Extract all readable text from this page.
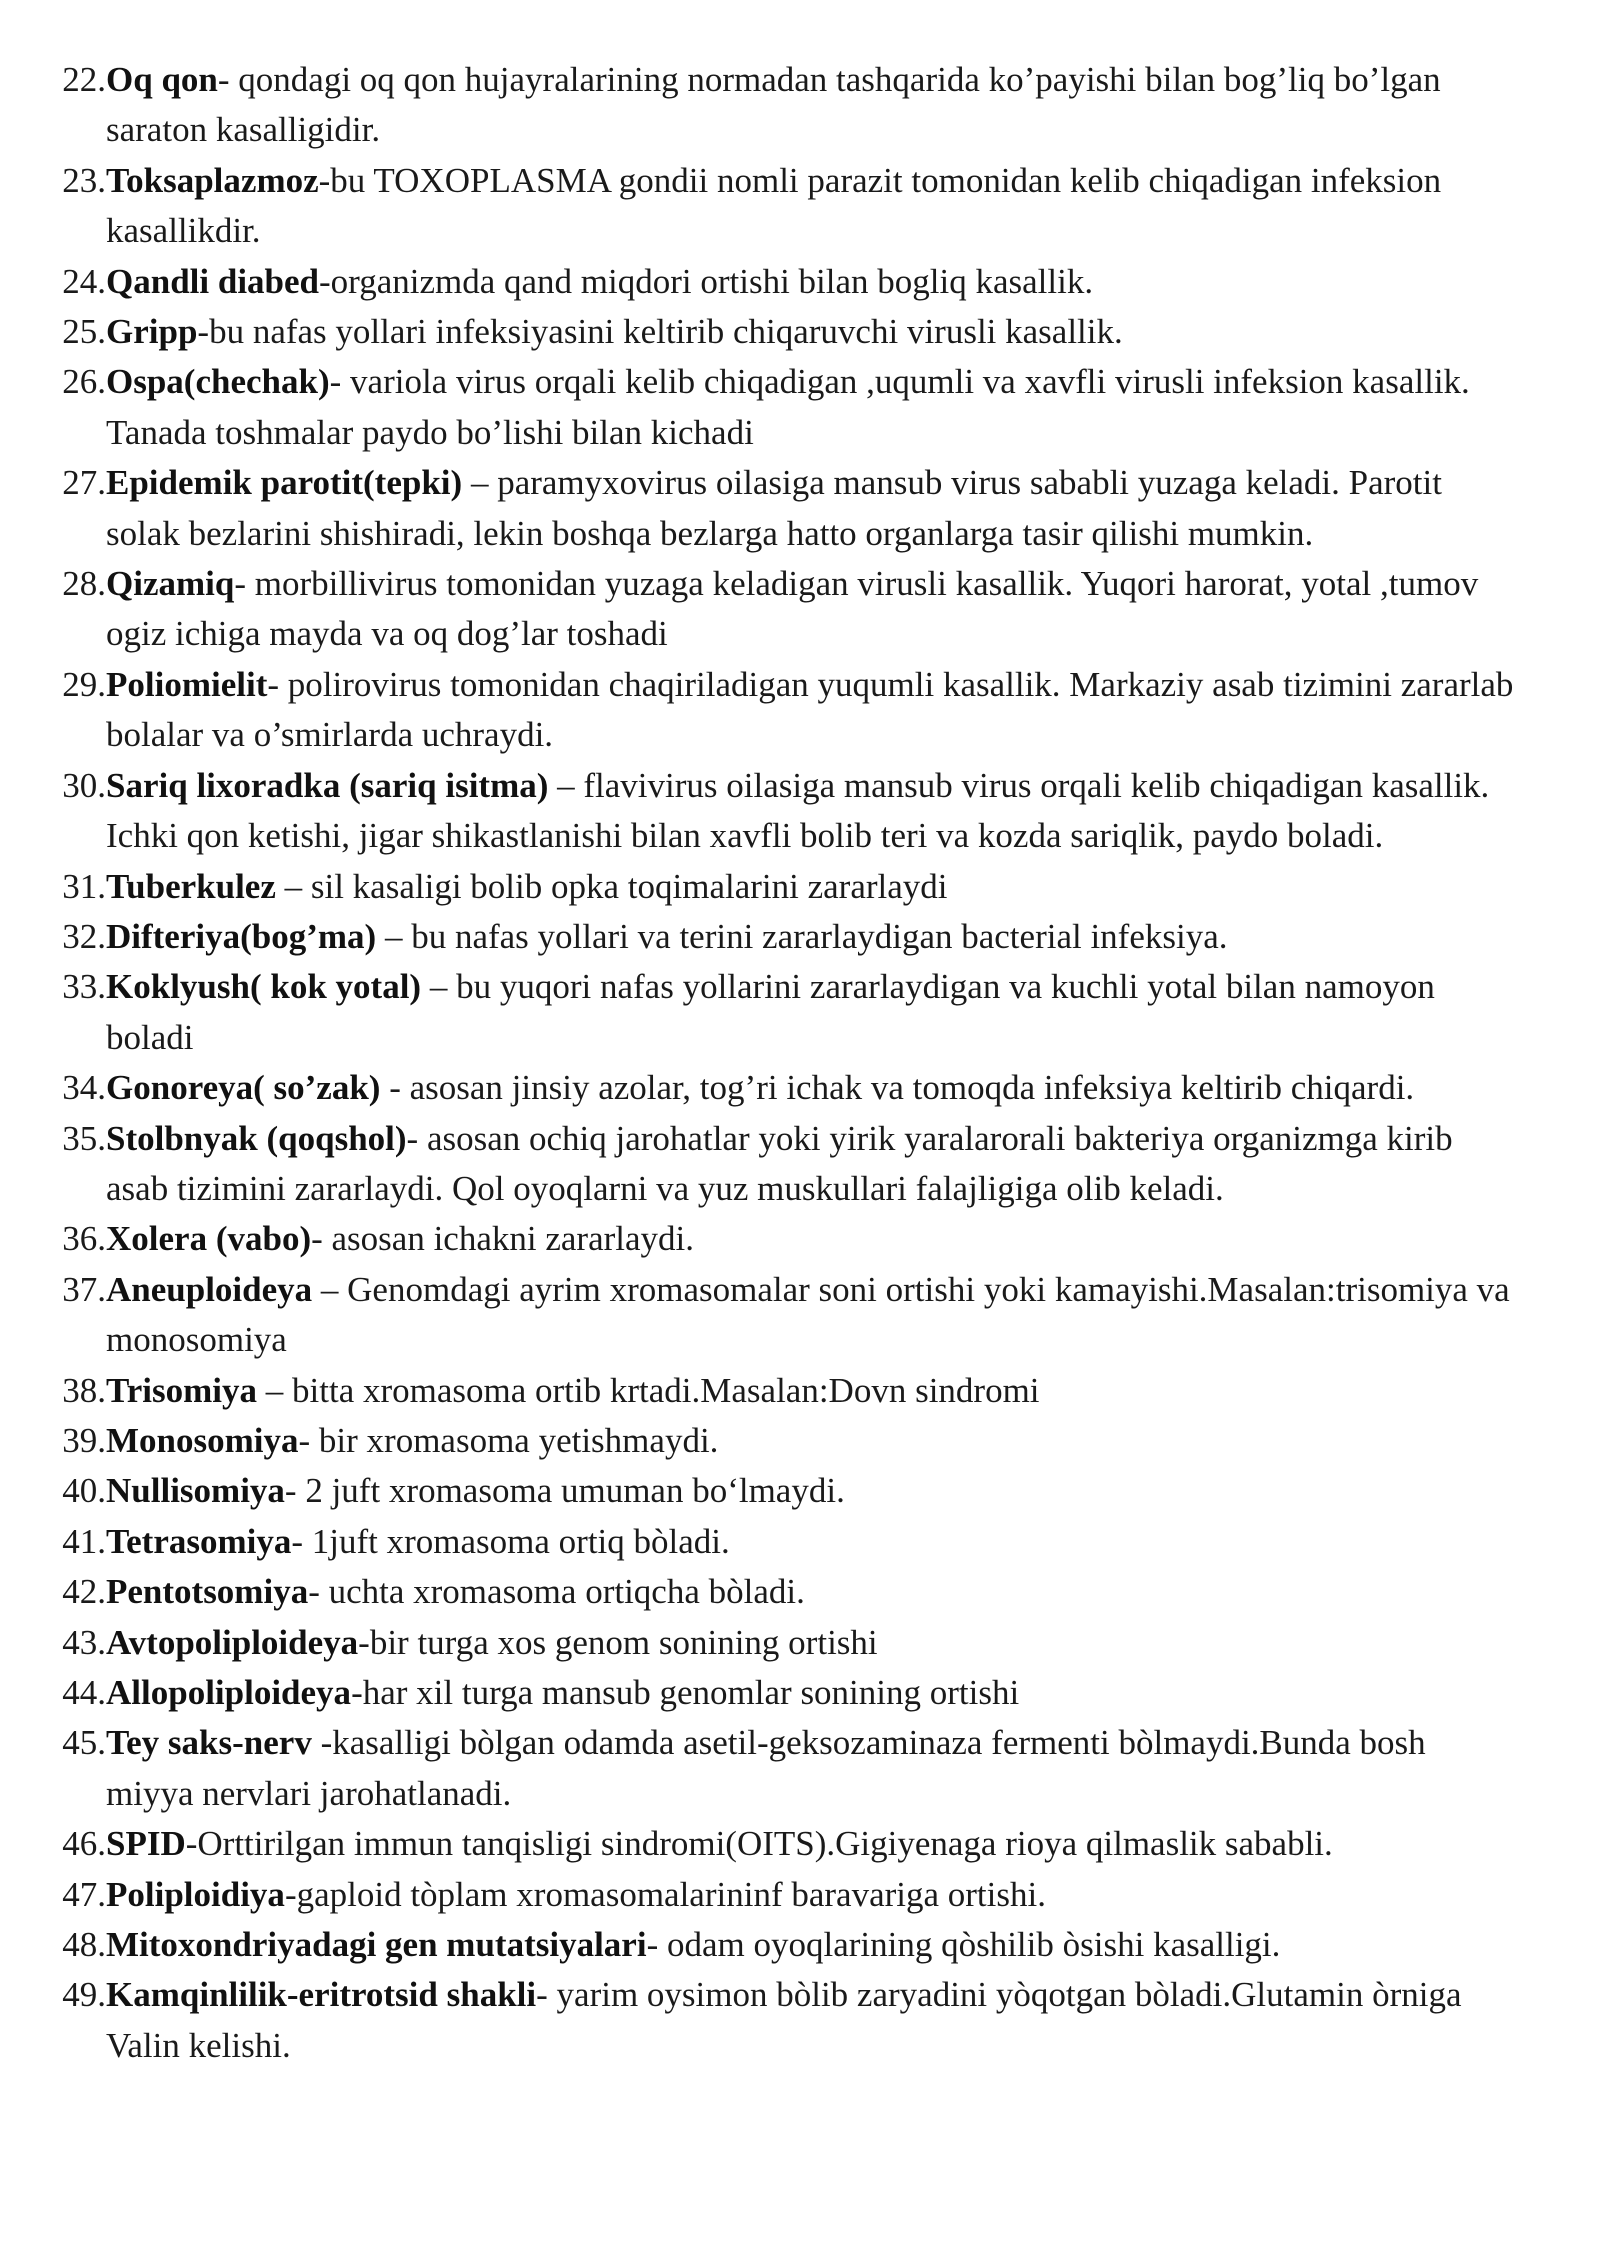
22. Oq qon- qondagi oq qon hujayralarining normadan tashqarida ko’payishi bilan bog’liq bo’lgan saraton kasalligidir.
23. Toksaplazmoz-bu TOXOPLASMA gondii nomli parazit tomonidan kelib chiqadigan infeksion kasallikdir.
24. Qandli diabed-organizmda qand miqdori ortishi bilan bogliq kasallik.
25. Gripp-bu nafas yollari infeksiyasini keltirib chiqaruvchi virusli kasallik.
26. Ospa(chechak)- variola virus orqali kelib chiqadigan ,uqumli va xavfli virusli infeksion kasallik. Tanada toshmalar paydo bo’lishi bilan kichadi
27. Epidemik parotit(tepki) – paramyxovirus oilasiga mansub virus sababli yuzaga keladi. Parotit solak bezlarini shishiradi, lekin boshqa bezlarga hatto organlarga tasir qilishi mumkin.
28. Qizamiq- morbillivirus tomonidan yuzaga keladigan virusli kasallik. Yuqori harorat, yotal ,tumov ogiz ichiga mayda va oq dog’lar toshadi
29. Poliomielit- polirovirus tomonidan chaqiriladigan yuqumli kasallik. Markaziy asab tizimini zararlab bolalar va o’smirlarda uchraydi.
30. Sariq lixoradka (sariq isitma) – flavivirus oilasiga mansub virus orqali kelib chiqadigan kasallik. Ichki qon ketishi, jigar shikastlanishi bilan xavfli bolib teri va kozda sariqlik, paydo boladi.
31. Tuberkulez – sil kasaligi bolib opka toqimalarini zararlaydi
32. Difteriya(bog’ma) – bu nafas yollari va terini zararlaydigan bacterial infeksiya.
33. Koklyush( kok yotal) – bu yuqori nafas yollarini zararlaydigan va kuchli yotal bilan namoyon boladi
34. Gonoreya( so’zak) - asosan jinsiy azolar, tog’ri ichak va tomoqda infeksiya keltirib chiqardi.
35. Stolbnyak (qoqshol)- asosan ochiq jarohatlar yoki yirik yaralarorali bakteriya organizmga kirib asab tizimini zararlaydi. Qol oyoqlarni va yuz muskullari falajligiga olib keladi.
36. Xolera (vabo)- asosan ichakni zararlaydi.
37. Aneuploideya – Genomdagi ayrim xromasomalar soni ortishi yoki kamayishi.Masalan:trisomiya va monosomiya
38. Trisomiya – bitta xromasoma ortib krtadi.Masalan:Dovn sindromi
39. Monosomiya- bir xromasoma yetishmaydi.
40. Nullisomiya- 2 juft xromasoma umuman bo‘lmaydi.
41. Tetrasomiya- 1juft xromasoma ortiq bòladi.
42. Pentotsomiya- uchta xromasoma ortiqcha bòladi.
43. Avtopoliploideya-bir turga xos genom sonining ortishi
44. Allopoliploideya-har xil turga mansub genomlar sonining ortishi
45. Tey saks-nerv -kasalligi bòlgan odamda asetil-geksozaminaza fermenti bòlmaydi.Bunda bosh miyya nervlari jarohatlanadi.
46. SPID-Orttirilgan immun tanqisligi sindromi(OITS).Gigiyenaga rioya qilmaslik sababli.
47. Poliploidiya-gaploid tòplam xromasomalarininf baravariga ortishi.
48. Mitoxondriyadagi gen mutatsiyalari- odam oyoqlarining qòshilib òsishi kasalligi.
49. Kamqinlilik-eritrotsid shakli- yarim oysimon bòlib zaryadini yòqotgan bòladi.Glutamin òrniga Valin kelishi.
